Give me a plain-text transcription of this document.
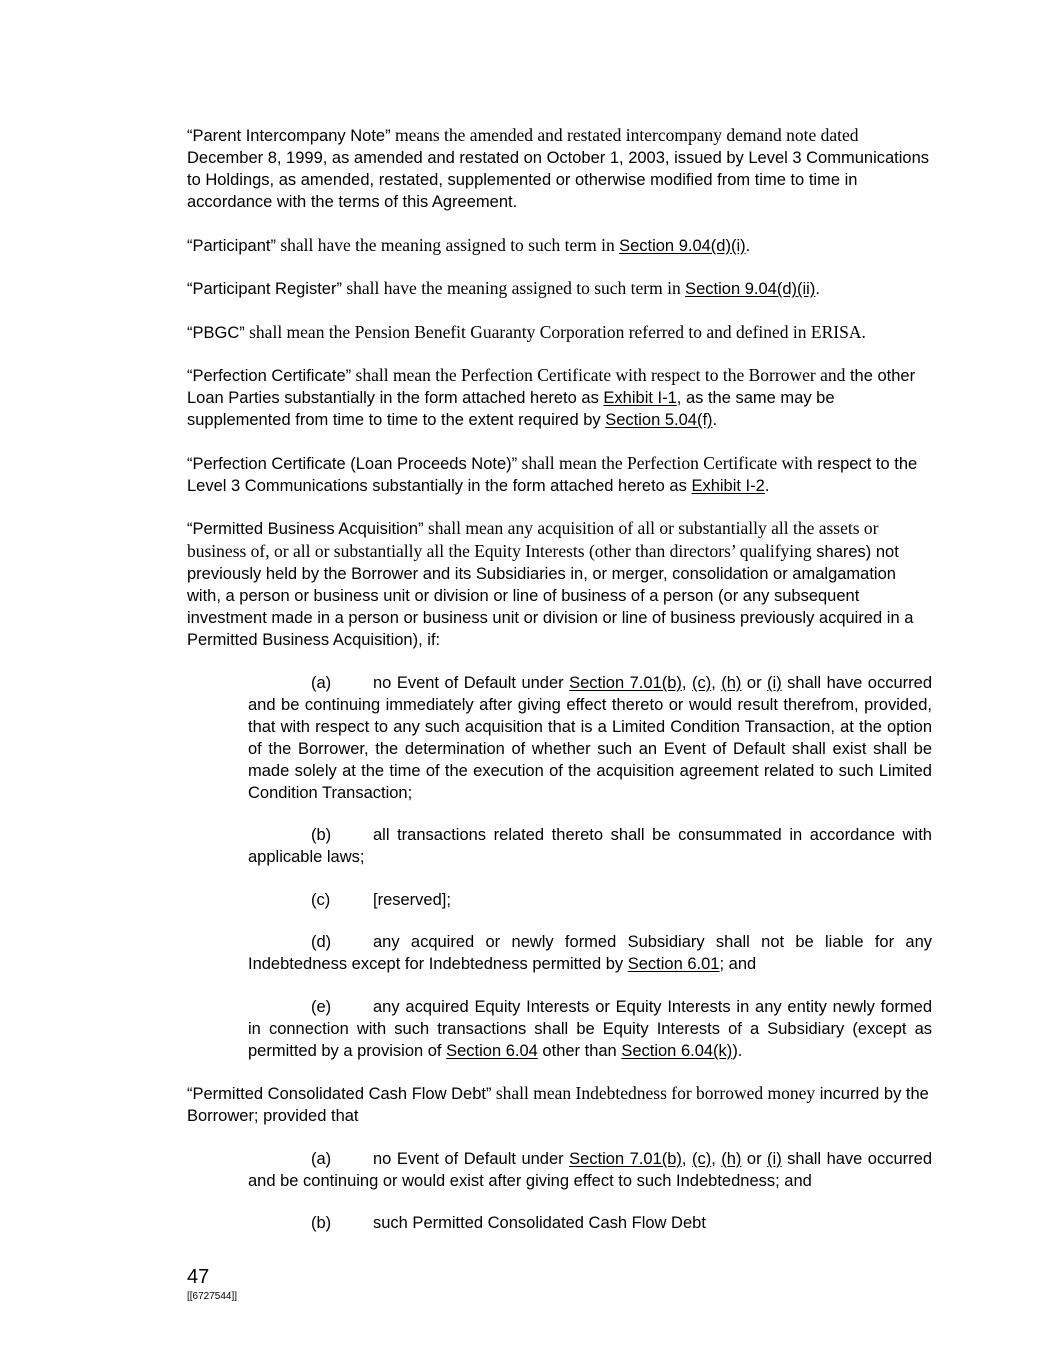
“Parent Intercompany Note” means the amended and restated intercompany demand note dated December 8, 1999, as amended and restated on October 1, 2003, issued by Level 3 Communications to Holdings, as amended, restated, supplemented or otherwise modified from time to time in accordance with the terms of this Agreement.

“Participant” shall have the meaning assigned to such term in Section 9.04(d)(i).

“Participant Register” shall have the meaning assigned to such term in Section 9.04(d)(ii).

“PBGC” shall mean the Pension Benefit Guaranty Corporation referred to and defined in ERISA.

“Perfection Certificate” shall mean the Perfection Certificate with respect to the Borrower and the other Loan Parties substantially in the form attached hereto as Exhibit I-1, as the same may be supplemented from time to time to the extent required by Section 5.04(f).

“Perfection Certificate (Loan Proceeds Note)” shall mean the Perfection Certificate with respect to the Level 3 Communications substantially in the form attached hereto as Exhibit I-2.

“Permitted Business Acquisition” shall mean any acquisition of all or substantially all the assets or business of, or all or substantially all the Equity Interests (other than directors’ qualifying shares) not previously held by the Borrower and its Subsidiaries in, or merger, consolidation or amalgamation with, a person or business unit or division or line of business of a person (or any subsequent investment made in a person or business unit or division or line of business previously acquired in a Permitted Business Acquisition), if:

(a)	no Event of Default under Section 7.01(b), (c), (h) or (i) shall have occurred and be continuing immediately after giving effect thereto or would result therefrom, provided, that with respect to any such acquisition that is a Limited Condition Transaction, at the option of the Borrower, the determination of whether such an Event of Default shall exist shall be made solely at the time of the execution of the acquisition agreement related to such Limited Condition Transaction;

(b)	all transactions related thereto shall be consummated in accordance with applicable laws;

(c)	[reserved];

(d)	any acquired or newly formed Subsidiary shall not be liable for any Indebtedness except for Indebtedness permitted by Section 6.01; and

(e)	any acquired Equity Interests or Equity Interests in any entity newly formed in connection with such transactions shall be Equity Interests of a Subsidiary (except as permitted by a provision of Section 6.04 other than Section 6.04(k)).

“Permitted Consolidated Cash Flow Debt” shall mean Indebtedness for borrowed money incurred by the Borrower; provided that

(a)	no Event of Default under Section 7.01(b), (c), (h) or (i) shall have occurred and be continuing or would exist after giving effect to such Indebtedness; and

(b)	such Permitted Consolidated Cash Flow Debt

47
[[6727544]]
